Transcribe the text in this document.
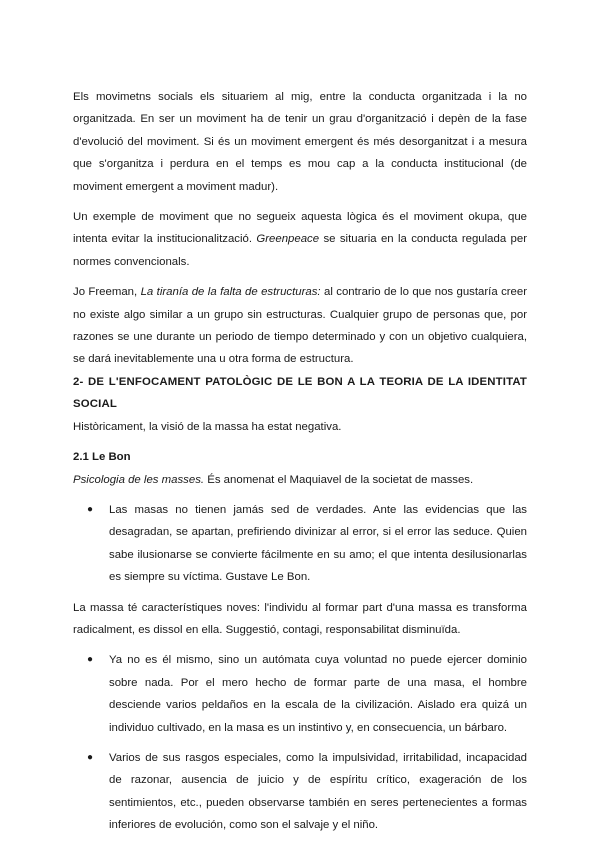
Els movimetns socials els situariem al mig, entre la conducta organitzada i la no organitzada. En ser un moviment ha de tenir un grau d'organització i depèn de la fase d'evolució del moviment. Si és un moviment emergent és més desorganitzat i a mesura que s'organitza i perdura en el temps es mou cap a la conducta institucional (de moviment emergent a moviment madur).

Un exemple de moviment que no segueix aquesta lògica és el moviment okupa, que intenta evitar la institucionalització. Greenpeace se situaria en la conducta regulada per normes convencionals.

Jo Freeman, La tiranía de la falta de estructuras: al contrario de lo que nos gustaría creer no existe algo similar a un grupo sin estructuras. Cualquier grupo de personas que, por razones se une durante un periodo de tiempo determinado y con un objetivo cualquiera, se dará inevitablemente una u otra forma de estructura.

2- DE L'ENFOCAMENT PATOLÒGIC DE LE BON A LA TEORIA DE LA IDENTITAT SOCIAL

Històricament, la visió de la massa ha estat negativa.

2.1 Le Bon

Psicologia de les masses. És anomenat el Maquiavel de la societat de masses.

● Las masas no tienen jamás sed de verdades. Ante las evidencias que las desagradan, se apartan, prefiriendo divinizar al error, si el error las seduce. Quien sabe ilusionarse se convierte fácilmente en su amo; el que intenta desilusionarlas es siempre su víctima. Gustave Le Bon.

La massa té característiques noves: l'individu al formar part d'una massa es transforma radicalment, es dissol en ella. Suggestió, contagi, responsabilitat disminuïda.

● Ya no es él mismo, sino un autómata cuya voluntad no puede ejercer dominio sobre nada. Por el mero hecho de formar parte de una masa, el hombre desciende varios peldaños en la escala de la civilización. Aislado era quizá un individuo cultivado, en la masa es un instintivo y, en consecuencia, un bárbaro.
● Varios de sus rasgos especiales, como la impulsividad, irritabilidad, incapacidad de razonar, ausencia de juicio y de espíritu crítico, exageración de los sentimientos, etc., pueden observarse también en seres pertenecientes a formas inferiores de evolución, como son el salvaje y el niño.
